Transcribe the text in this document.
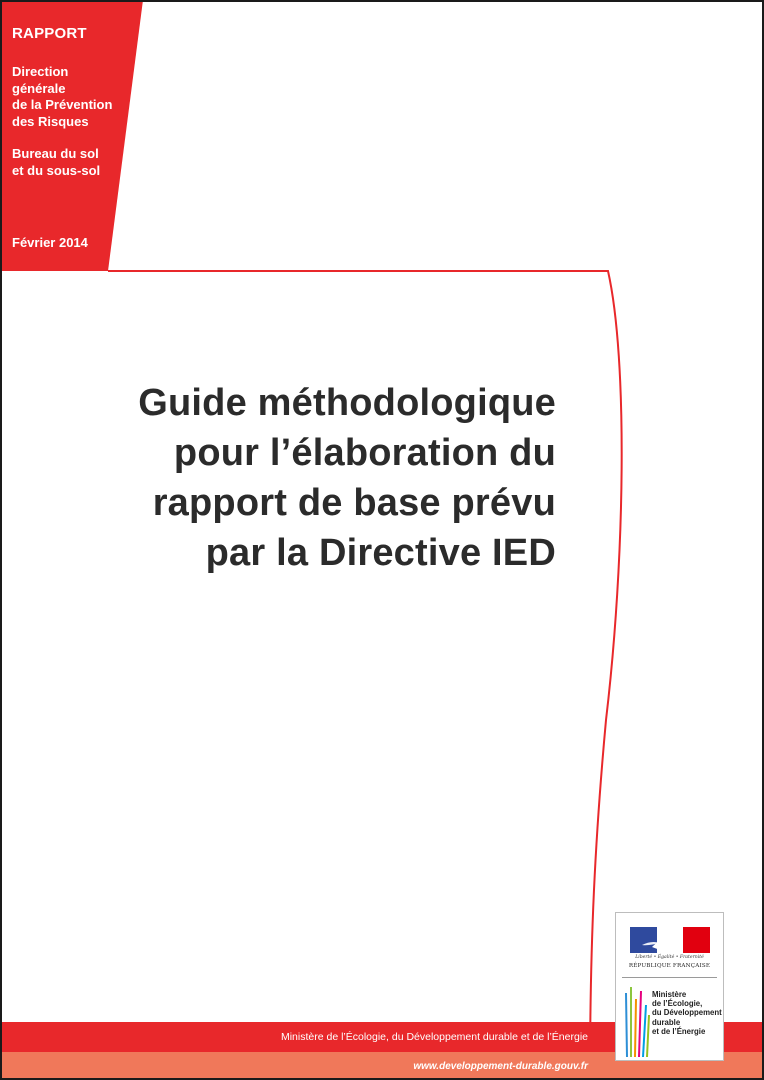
RAPPORT
Direction
générale
de la Prévention
des Risques
Bureau du sol
et du sous-sol
Février 2014
Guide méthodologique
pour l’élaboration du
rapport de base prévu
par la Directive IED
Ministère de l’Écologie, du Développement durable et de l’Énergie
www.developpement-durable.gouv.fr
Liberté • Égalité • Fraternité
RÉPUBLIQUE FRANÇAISE
Ministère
de l’Écologie,
du Développement
durable
et de l’Énergie
